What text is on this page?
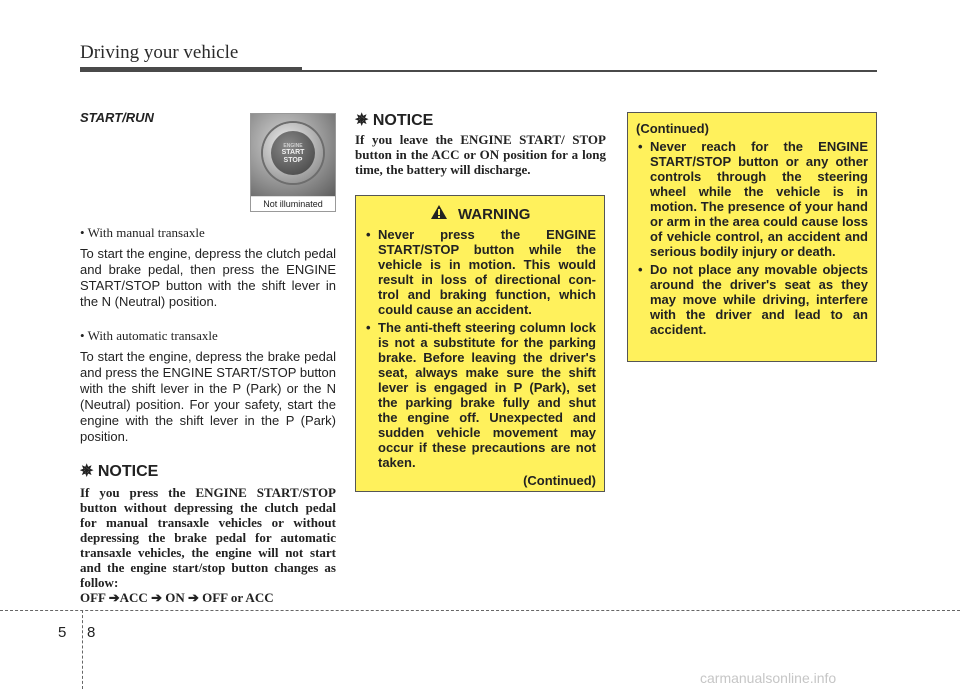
Driving your vehicle
START/RUN
• With manual transaxle
To start the engine, depress the clutch pedal and brake pedal, then press the ENGINE START/STOP button with the shift lever in the N (Neutral) position.
• With automatic transaxle
To start the engine, depress the brake pedal and press the ENGINE START/STOP button with the shift lever in the P (Park) or the N (Neutral) position. For your safety, start the engine with the shift lever in the P (Park) position.
✵ NOTICE
If you press the ENGINE START/STOP button without depressing the clutch pedal for manual transaxle vehicles or without depressing the brake pedal for automatic transaxle vehicles, the engine will not start and the engine start/stop button changes as follow:
OFF ➔ACC ➔ ON ➔ OFF or ACC
ENGINE
START
STOP
Not illuminated
✵ NOTICE
If you leave the ENGINE START/ STOP button in the ACC or ON position for a long time, the battery will discharge.
WARNING
• Never press the ENGINE START/STOP button while the vehicle is in motion. This would result in loss of directional con- trol and braking function, which could cause an accident.
• The anti-theft steering column lock is not a substitute for the parking brake. Before leaving the driver's seat, always make sure the shift lever is engaged in P (Park), set the parking brake fully and shut the engine off. Unexpected and sudden vehicle movement may occur if these precautions are not taken.
(Continued)
(Continued)
• Never reach for the ENGINE START/STOP button or any other controls through the steering wheel while the vehicle is in motion. The presence of your hand or arm in the area could cause loss of vehicle control, an accident and serious bodily injury or death.
• Do not place any movable objects around the driver's seat as they may move while driving, interfere with the driver and lead to an accident.
5 8
carmanualsonline.info
